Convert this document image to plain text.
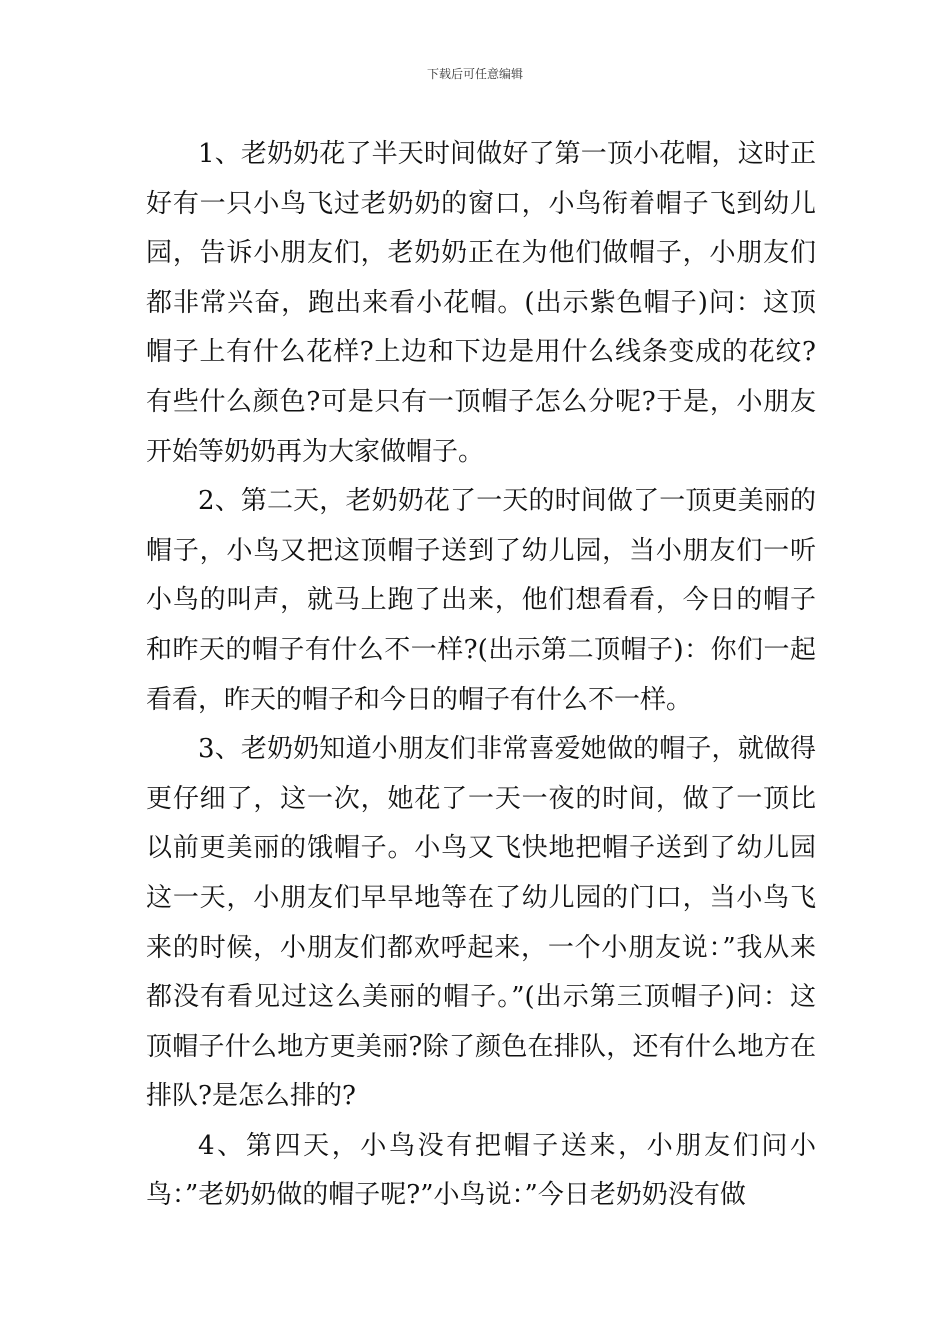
下载后可任意编辑

1、老奶奶花了半天时间做好了第一顶小花帽，这时正好有一只小鸟飞过老奶奶的窗口，小鸟衔着帽子飞到幼儿园，告诉小朋友们，老奶奶正在为他们做帽子，小朋友们都非常兴奋，跑出来看小花帽。(出示紫色帽子)问：这顶帽子上有什么花样?上边和下边是用什么线条变成的花纹?有些什么颜色?可是只有一顶帽子怎么分呢?于是，小朋友开始等奶奶再为大家做帽子。

2、第二天，老奶奶花了一天的时间做了一顶更美丽的帽子，小鸟又把这顶帽子送到了幼儿园，当小朋友们一听小鸟的叫声，就马上跑了出来，他们想看看，今日的帽子和昨天的帽子有什么不一样?(出示第二顶帽子)：你们一起看看，昨天的帽子和今日的帽子有什么不一样。

3、老奶奶知道小朋友们非常喜爱她做的帽子，就做得更仔细了，这一次，她花了一天一夜的时间，做了一顶比以前更美丽的饿帽子。小鸟又飞快地把帽子送到了幼儿园这一天，小朋友们早早地等在了幼儿园的门口，当小鸟飞来的时候，小朋友们都欢呼起来，一个小朋友说：”我从来都没有看见过这么美丽的帽子。”(出示第三顶帽子)问：这顶帽子什么地方更美丽?除了颜色在排队，还有什么地方在排队?是怎么排的?

4、第四天，小鸟没有把帽子送来，小朋友们问小鸟：”老奶奶做的帽子呢?”小鸟说：”今日老奶奶没有做
